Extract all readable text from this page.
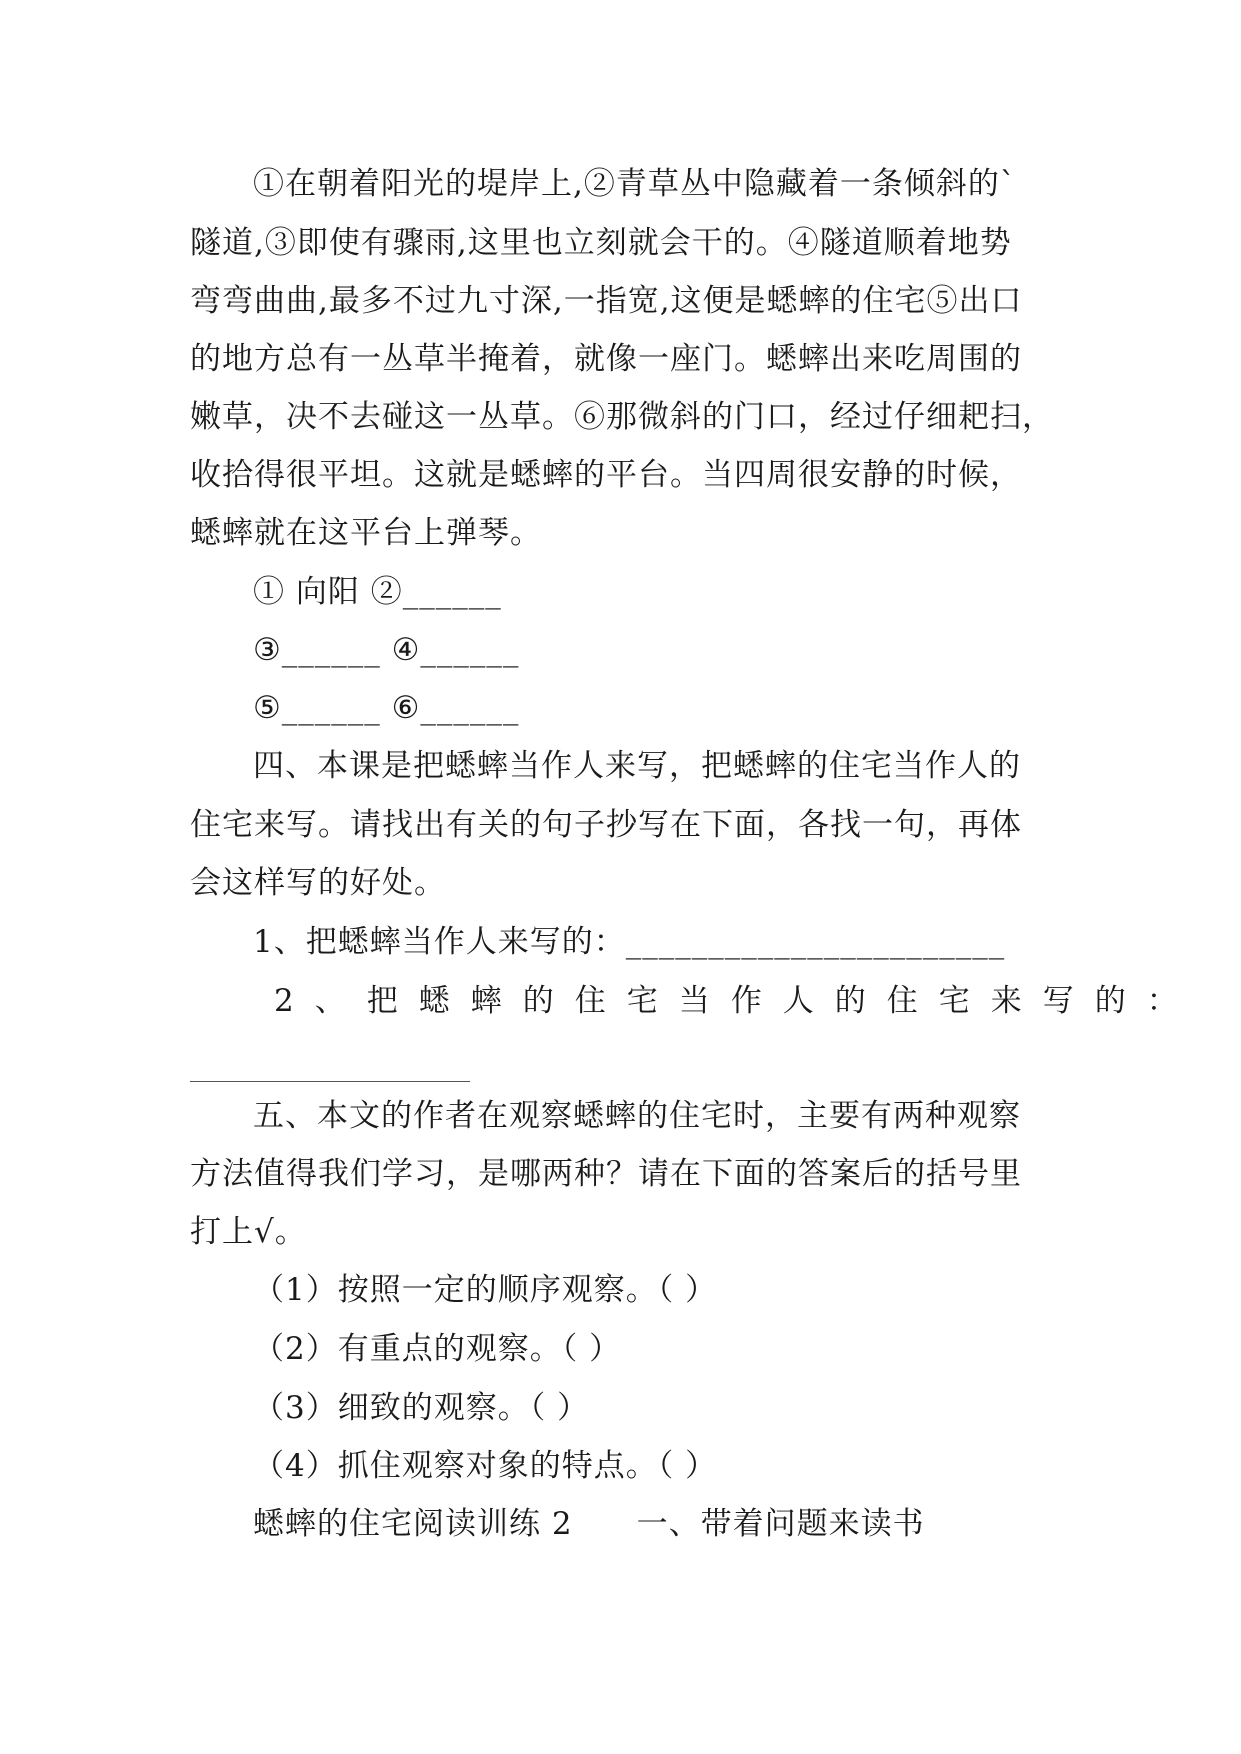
①在朝着阳光的堤岸上,②青草丛中隐藏着一条倾斜的`
隧道,③即使有骤雨,这里也立刻就会干的。④隧道顺着地势
弯弯曲曲,最多不过九寸深,一指宽,这便是蟋蟀的住宅⑤出口
的地方总有一丛草半掩着，就像一座门。蟋蟀出来吃周围的
嫩草，决不去碰这一丛草。⑥那微斜的门口，经过仔细耙扫，
收拾得很平坦。这就是蟋蟀的平台。当四周很安静的时候，
蟋蟀就在这平台上弹琴。
① 向阳 ②______
③______ ④______
⑤______ ⑥______
四、本课是把蟋蟀当作人来写，把蟋蟀的住宅当作人的
住宅来写。请找出有关的句子抄写在下面，各找一句，再体
会这样写的好处。
1、把蟋蟀当作人来写的：_______________________
2、把蟋蟀的住宅当作人的住宅来写的：
五、本文的作者在观察蟋蟀的住宅时，主要有两种观察
方法值得我们学习，是哪两种？请在下面的答案后的括号里
打上√。
（1）按照一定的顺序观察。（ ）
（2）有重点的观察。（ ）
（3）细致的观察。（ ）
（4）抓住观察对象的特点。（ ）
蟋蟀的住宅阅读训练 2　　一、带着问题来读书
